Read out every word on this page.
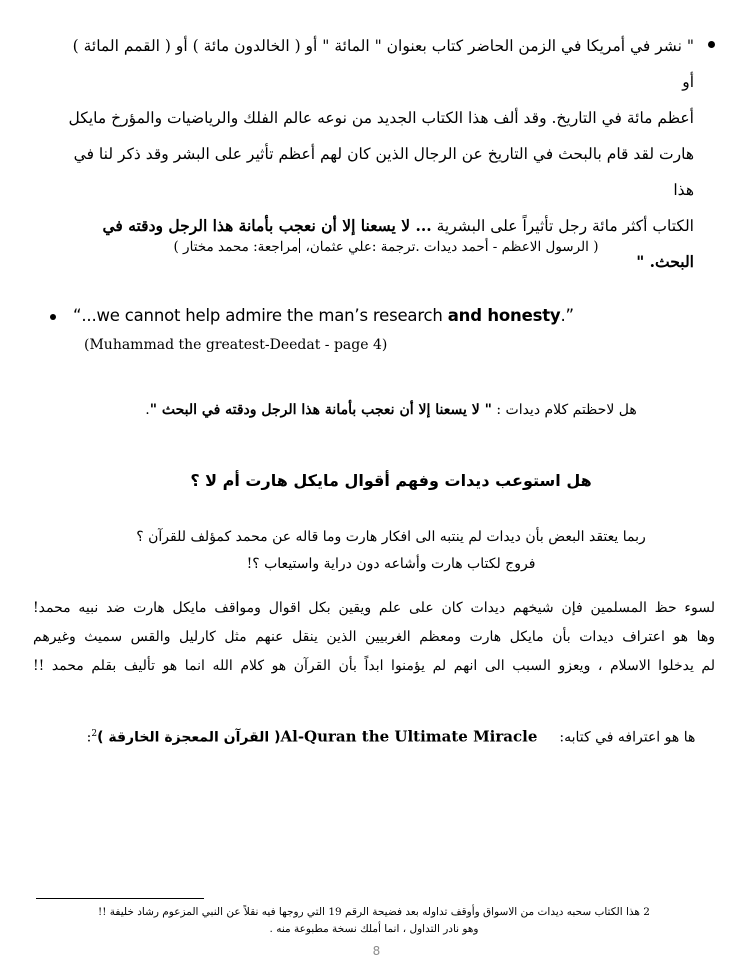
" نشر في أمريكا في الزمن الحاضر كتاب بعنوان " المائة " أو ( الخالدون مائة ) أو ( القمم المائة ) أو
أعظم مائة في التاريخ. وقد ألف هذا الكتاب الجديد من نوعه عالم الفلك والرياضيات والمؤرخ مايكل
هارت لقد قام بالبحث في التاريخ عن الرجال الذين كان لهم أعظم تأثير على البشر وقد ذكر لنا في هذا
الكتاب أكثر مائة رجل تأثيراً على البشرية ... لا يسعنا إلا أن نعجب بأمانة هذا الرجل ودقته في
البحث. "
( الرسول الاعظم - أحمد ديدات .ترجمة :علي عثمان، مراجعة: محمد مختار )
“...we cannot help admire the man’s research and honesty.”
(Muhammad the greatest-Deedat - page 4)
هل لاحظتم كلام ديدات : " لا يسعنا إلا أن نعجب بأمانة هذا الرجل ودقته في البحث ".
هل استوعب ديدات وفهم أقوال مايكل هارت أم لا ؟
ربما يعتقد البعض بأن ديدات لم ينتبه الى افكار هارت وما قاله عن محمد كمؤلف للقرآن ؟
فروج لكتاب هارت وأشاعه دون دراية واستيعاب ؟!
لسوء حظ المسلمين فإن شيخهم ديدات كان على علم ويقين بكل اقوال ومواقف مايكل هارت ضد نبيه محمد!
وها هو اعتراف ديدات بأن مايكل هارت ومعظم الغربيين الذين ينقل عنهم مثل كارليل والقس سميث وغيرهم
لم يدخلوا الاسلام ، ويعزو السبب الى انهم لم يؤمنوا ابداً بأن القرآن هو كلام الله انما هو تأليف بقلم محمد !!
ها هو اعترافه في كتابه:Al-Quran the Ultimate Miracle( القرآن المعجزة الخارقة )$^2$:
2 هذا الكتاب سحبه ديدات من الاسواق وأوقف تداوله بعد فضيحة الرقم 19 التي روجها فيه نقلاً عن النبي المزعوم رشاد خليفة !!
وهو نادر التداول ، انما أملك نسخة مطبوعة منه .
8
